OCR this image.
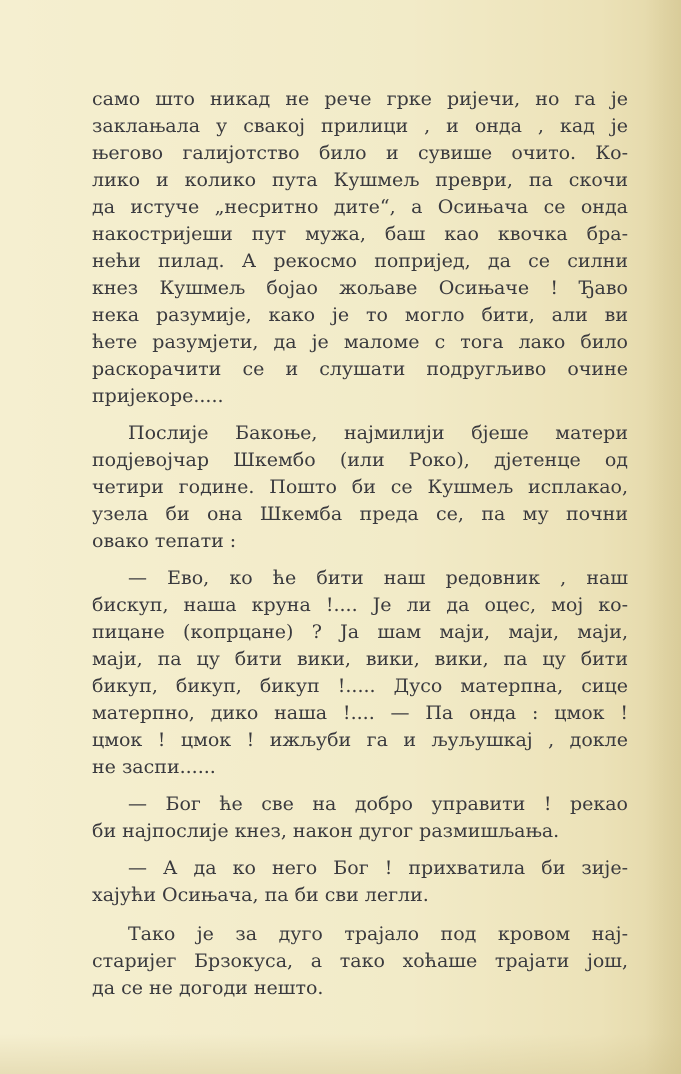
само што никад не рече грке ријечи, но га је
заклањала у свакој прилици , и онда , кад је
његово галијотство било и сувише очито. Ко-
лико и колико пута Кушмељ преври, па скочи
да истуче „несритно дите“, а Осињача се онда
накостријеши пут мужа, баш као квочка бра-
нећи пилад. А рекосмо попријед, да се силни
кнез Кушмељ бојао жољаве Осињаче ! Ђаво
нека разумије, како је то могло бити, али ви
ћете разумјети, да је маломе с тога лако било
раскорачити се и слушати подругљиво очине
пријекоре.....
Послије Бакоње, најмилији бјеше матери
подјевојчар Шкембо (или Роко), дјетенце од
четири године. Пошто би се Кушмељ исплакао,
узела би она Шкемба преда се, па му почни
овако тепати :
— Ево, ко ће бити наш редовник , наш
бискуп, наша круна !.... Је ли да оцес, мој ко-
пицане (копрцане) ? Ја шам маји, маји, маји,
маји, па цу бити вики, вики, вики, па цу бити
бикуп, бикуп, бикуп !..... Дусо матерпна, сице
матерпно, дико наша !.... — Па онда : цмок !
цмок ! цмок ! ижљуби га и љуљушкај , докле
не заспи......
— Бог ће све на добро управити ! рекао
би најпослије кнез, након дугог размишљања.
— А да ко него Бог ! прихватила би зије-
хајући Осињача, па би сви легли.
Тако је за дуго трајало под кровом нај-
старијег Брзокуса, а тако хоћаше трајати још,
да се не догоди нешто.
